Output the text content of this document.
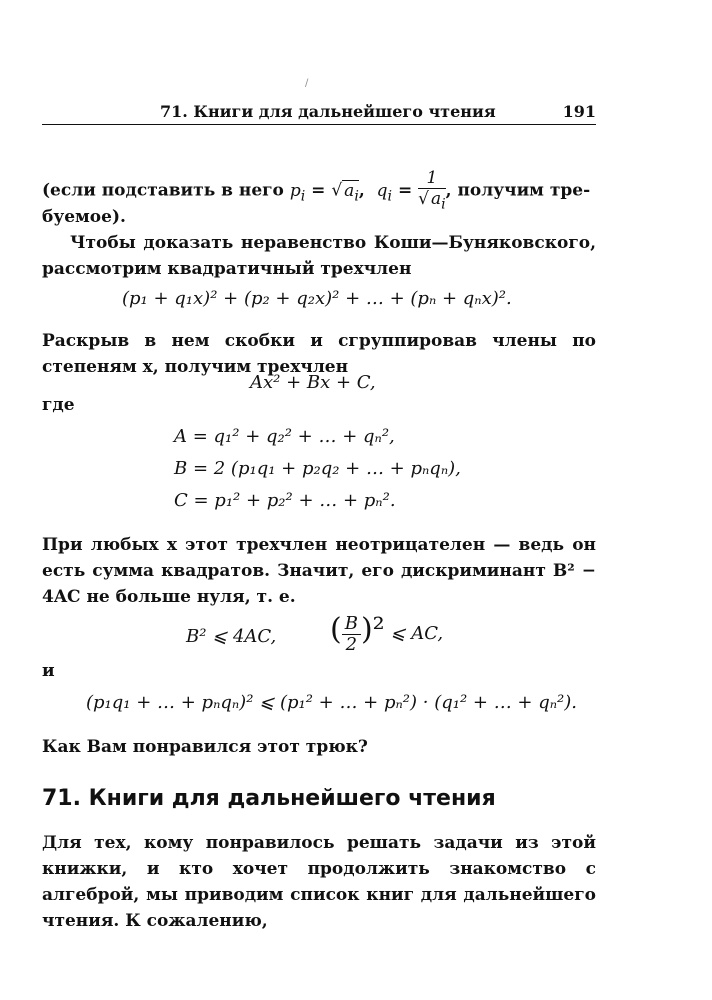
/
71. Книги для дальнейшего чтения	191
(если подставить в него $p_i$ = √ $a_i$,  $q_i = \frac{1}{√ a_i}$ , получим тре-
буемое).
Чтобы доказать неравенство Коши—Буняковского, рассмотрим квадратичный трехчлен
(p₁ + q₁x)² + (p₂ + q₂x)² + … + (pₙ + qₙx)².
Раскрыв в нем скобки и сгруппировав члены по степеням x, получим трехчлен
Ax² + Bx + C,
где
A = q₁² + q₂² + … + qₙ²,
B = 2 (p₁q₁ + p₂q₂ + … + pₙqₙ),
C = p₁² + p₂² + … + pₙ².
При любых x этот трехчлен неотрицателен — ведь он есть сумма квадратов. Значит, его дискриминант B² − 4AC не больше нуля, т. е.
B² ⩽ 4AC, ( $\frac{B}{2} )^2$ ⩽ AC,
и
(p₁q₁ + … + pₙqₙ)² ⩽ (p₁² + … + pₙ²) · (q₁² + … + qₙ²).
Как Вам понравился этот трюк?
71. Книги для дальнейшего чтения
Для тех, кому понравилось решать задачи из этой книжки, и кто хочет продолжить знакомство с алгеброй, мы приводим список книг для дальнейшего чтения. К сожалению,
